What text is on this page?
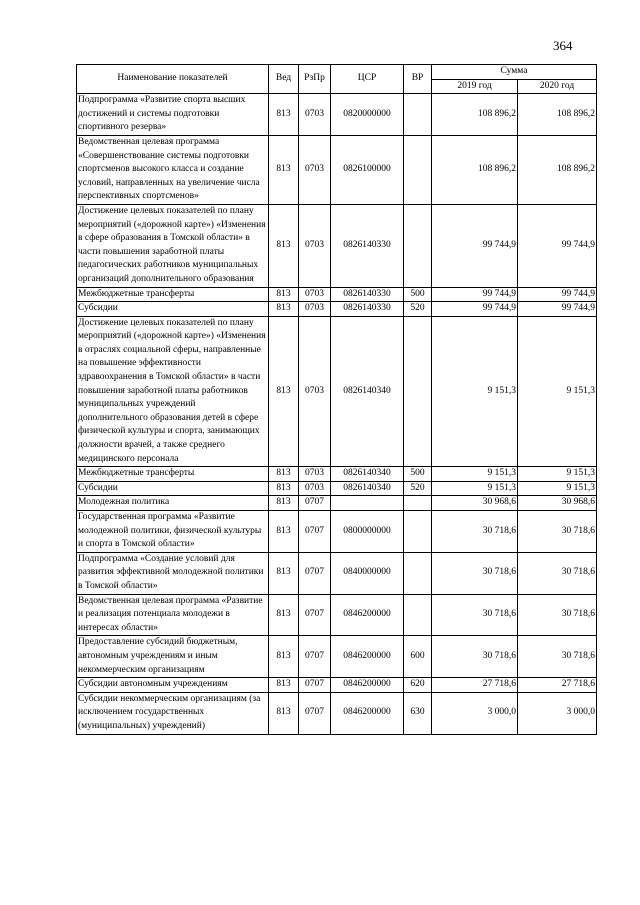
364
Наименование показателей	Вед	РзПр	ЦСР	ВР	Сумма	
					2019 год	2020 год
Подпрограмма «Развитие спорта высших достижений и системы подготовки спортивного резерва»	813	0703	0820000000		108 896,2	108 896,2
Ведомственная целевая программа «Совершенствование системы подготовки спортсменов высокого класса и создание условий, направленных на увеличение числа перспективных спортсменов»	813	0703	0826100000		108 896,2	108 896,2
Достижение целевых показателей по плану мероприятий («дорожной карте») «Изменения в сфере образования в Томской области» в части повышения заработной платы педагогических работников муниципальных организаций дополнительного образования	813	0703	0826140330		99 744,9	99 744,9
Межбюджетные трансферты	813	0703	0826140330	500	99 744,9	99 744,9
Субсидии	813	0703	0826140330	520	99 744,9	99 744,9
Достижение целевых показателей по плану мероприятий («дорожной карте») «Изменения в отраслях социальной сферы, направленные на повышение эффективности здравоохранения в Томской области» в части повышения заработной платы работников муниципальных учреждений дополнительного образования детей в сфере физической культуры и спорта, занимающих должности врачей, а также среднего медицинского персонала	813	0703	0826140340		9 151,3	9 151,3
Межбюджетные трансферты	813	0703	0826140340	500	9 151,3	9 151,3
Субсидии	813	0703	0826140340	520	9 151,3	9 151,3
Молодежная политика	813	0707			30 968,6	30 968,6
Государственная программа «Развитие молодежной политики, физической культуры и спорта в Томской области»	813	0707	0800000000		30 718,6	30 718,6
Подпрограмма «Создание условий для развития эффективной молодежной политики в Томской области»	813	0707	0840000000		30 718,6	30 718,6
Ведомственная целевая программа «Развитие и реализация потенциала молодежи в интересах области»	813	0707	0846200000		30 718,6	30 718,6
Предоставление субсидий бюджетным, автономным учреждениям и иным некоммерческим организациям	813	0707	0846200000	600	30 718,6	30 718,6
Субсидии автономным учреждениям	813	0707	0846200000	620	27 718,6	27 718,6
Субсидии некоммерческим организациям (за исключением государственных (муниципальных) учреждений)	813	0707	0846200000	630	3 000,0	3 000,0
